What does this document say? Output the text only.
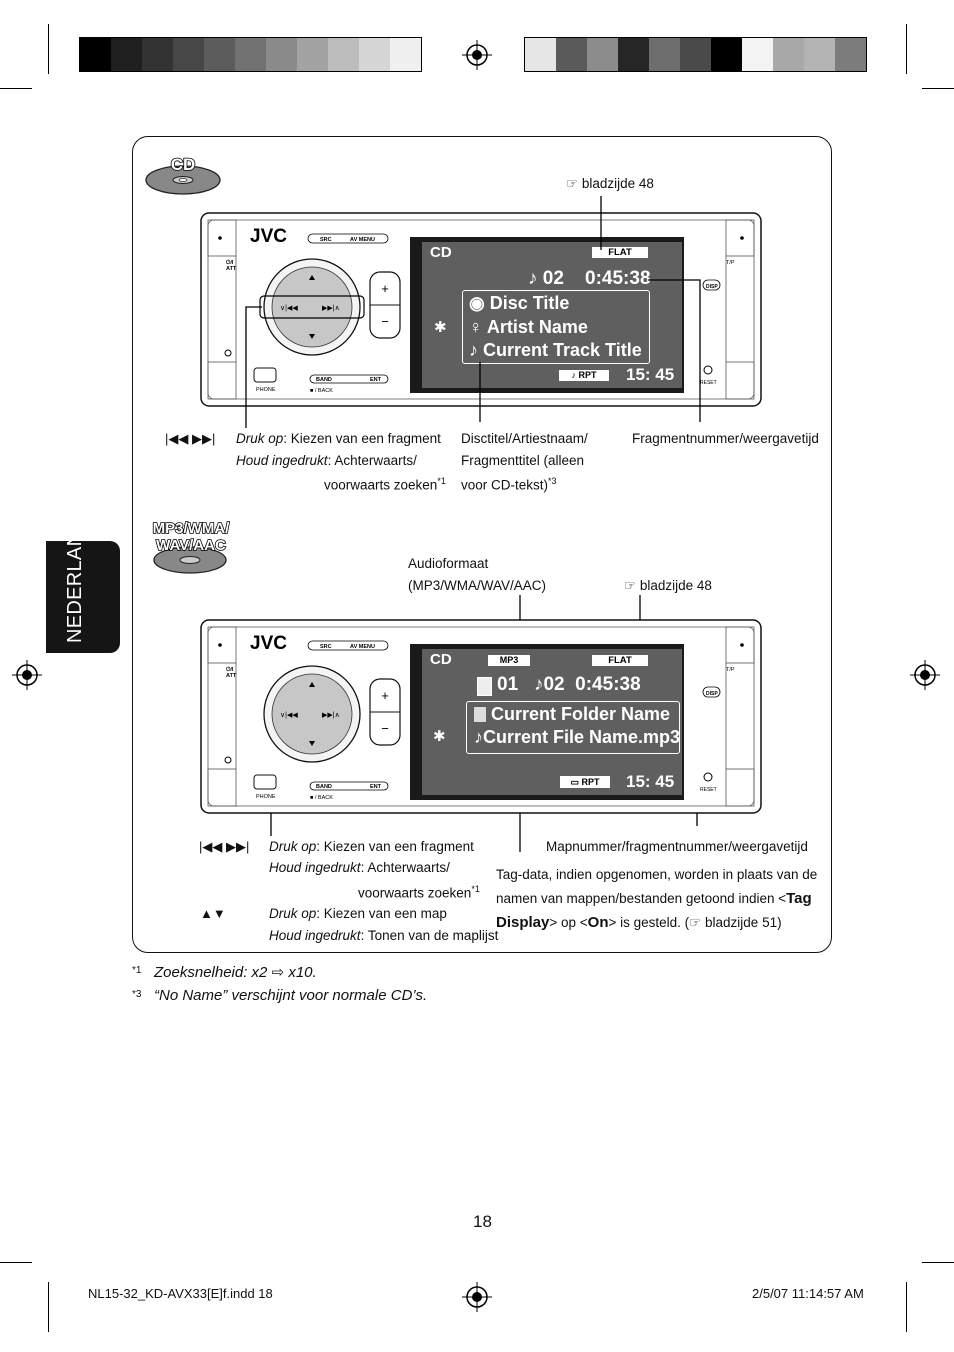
NEDERLANDS
CD
☞ bladzijde 48
JVC	SRC	AV MENU
⏻/I
ATT
∨|◀◀	▶▶|∧
+
−
PHONE
BAND	ENT
■ / BACK
T/P
DISP
RESET
CD	FLAT
♪ 02    0:45:38
◉ Disc Title
♀ Artist Name
♪ Current Track Title
✱
♪ RPT	15: 45
|◀◀ ▶▶| Druk op: Kiezen van een fragment
Houd ingedrukt: Achterwaarts/
voorwaarts zoeken$^{*1}$
Disctitel/Artiestnaam/
Fragmenttitel (alleen
voor CD-tekst)$^{*3}$
Fragmentnummer/weergavetijd
MP3/WMA/
WAV/AAC
Audioformaat
(MP3/WMA/WAV/AAC)	☞ bladzijde 48
JVC	SRC	AV MENU
⏻/I
ATT
∨|◀◀	▶▶|∧
+
−
PHONE
BAND	ENT
■ / BACK
T/P
DISP
RESET
CD	MP3	FLAT
01   ♪02  0:45:38
Current Folder Name
♪Current File Name.mp3
✱
▭ RPT	15: 45
|◀◀ ▶▶| Druk op: Kiezen van een fragment
Houd ingedrukt: Achterwaarts/
voorwaarts zoeken$^{*1}$
▲▼	Druk op: Kiezen van een map
Houd ingedrukt: Tonen van de maplijst
Mapnummer/fragmentnummer/weergavetijd
Tag-data, indien opgenomen, worden in plaats van de
namen van mappen/bestanden getoond indien <Tag
Display> op <On> is gesteld. (☞ bladzijde 51)
*1 Zoeksnelheid: x2 ⇨ x10.
*3 “No Name” verschijnt voor normale CD’s.
18
NL15-32_KD-AVX33[E]f.indd 18	2/5/07 11:14:57 AM
